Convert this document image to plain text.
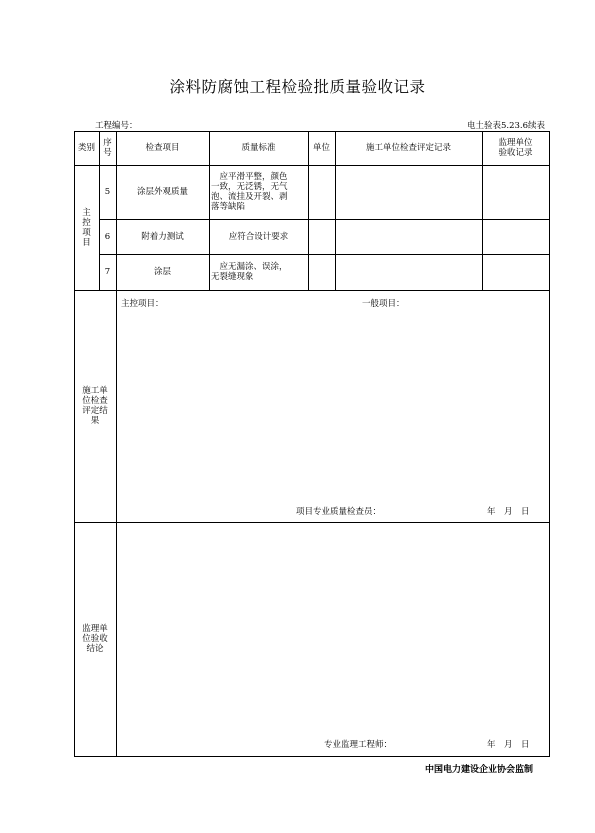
涂料防腐蚀工程检验批质量验收记录
工程编号：	电土验表5.23.6续表
类别 序号	检查项目	质量标准	单位	施工单位检查评定记录	监理单位验收记录
主控项目
5	涂层外观质量
　应平滑平整，颜色
一致，无泛锈，无气
泡、流挂及开裂、剥
落等缺陷
6	附着力测试	应符合设计要求
7	涂层	　应无漏涂、误涂，
无裂缝现象
施工单位检查评定结果
主控项目：	一般项目：
项目专业质量检查员：	年　月　日
监理单位验收结论
专业监理工程师：	年　月　日
中国电力建设企业协会监制
